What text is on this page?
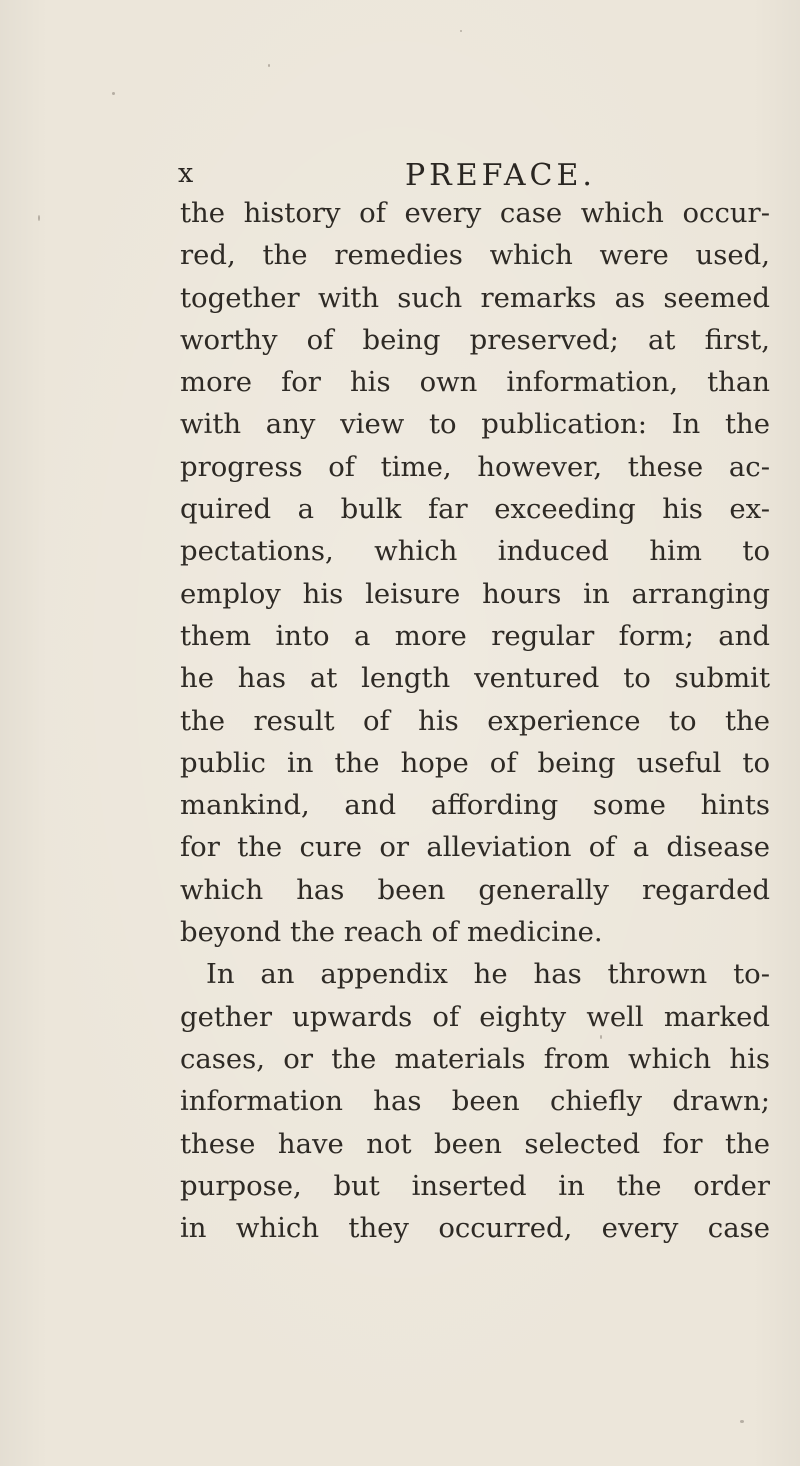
x	PREFACE.
the history of every case which occur-
red, the remedies which were used,
together with such remarks as seemed
worthy of being preserved; at first,
more for his own information, than
with any view to publication: In the
progress of time, however, these ac-
quired a bulk far exceeding his ex-
pectations, which induced him to
employ his leisure hours in arranging
them into a more regular form; and
he has at length ventured to submit
the result of his experience to the
public in the hope of being useful to
mankind, and affording some hints
for the cure or alleviation of a disease
which has been generally regarded
beyond the reach of medicine.
In an appendix he has thrown to-
gether upwards of eighty well marked
cases, or the materials from which his
information has been chiefly drawn;
these have not been selected for the
purpose, but inserted in the order
in which they occurred, every case
